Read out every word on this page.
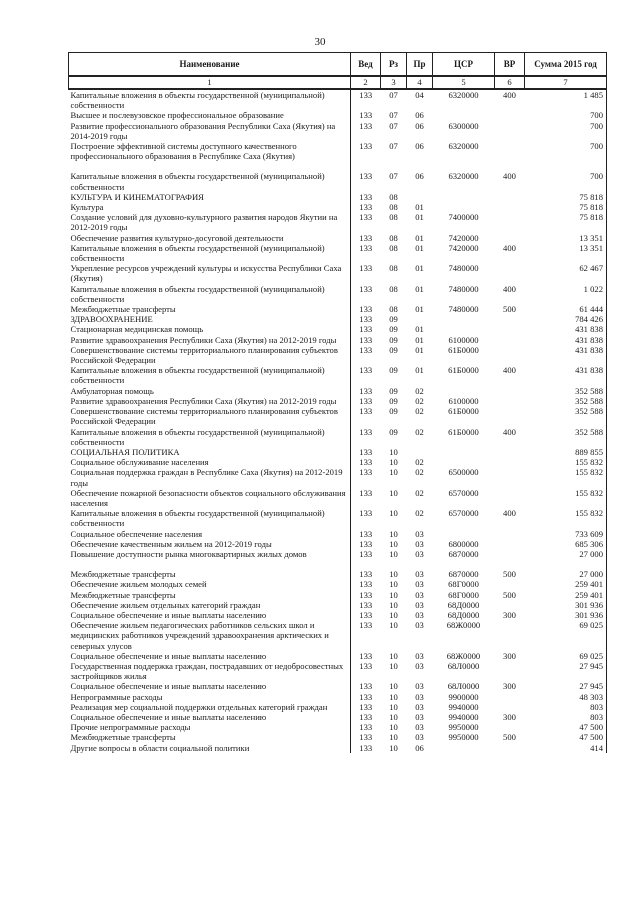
30
Наименование	Вед	Рз	Пр	ЦСР	ВР	Сумма 2015 год
1	2	3	4	5	6	7
Капитальные вложения в объекты государственной (муниципальной) собственности	133	07	04	6320000	400	1 485
Высшее и послевузовское профессиональное образование	133	07	06			700
Развитие профессионального образования Республики Саха (Якутия) на 2014-2019 годы	133	07	06	6300000		700
Построение эффективной системы доступного качественного профессионального образования в Республике Саха (Якутия)	133	07	06	6320000		700

Капитальные вложения в объекты государственной (муниципальной) собственности	133	07	06	6320000	400	700
КУЛЬТУРА И КИНЕМАТОГРАФИЯ	133	08				75 818
Культура	133	08	01			75 818
Создание условий для духовно-культурного развития народов Якутии на 2012-2019 годы	133	08	01	7400000		75 818
Обеспечение развития культурно-досуговой деятельности	133	08	01	7420000		13 351
Капитальные вложения в объекты государственной (муниципальной) собственности	133	08	01	7420000	400	13 351
Укрепление ресурсов учреждений культуры и искусства Республики Саха (Якутия)	133	08	01	7480000		62 467
Капитальные вложения в объекты государственной (муниципальной) собственности	133	08	01	7480000	400	1 022
Межбюджетные трансферты	133	08	01	7480000	500	61 444
ЗДРАВООХРАНЕНИЕ	133	09				784 426
Стационарная медицинская помощь	133	09	01			431 838
Развитие здравоохранения Республики Саха (Якутия) на 2012-2019 годы	133	09	01	6100000		431 838
Совершенствование системы территориального планирования субъектов Российской Федерации	133	09	01	61Б0000		431 838
Капитальные вложения в объекты государственной (муниципальной) собственности	133	09	01	61Б0000	400	431 838
Амбулаторная помощь	133	09	02			352 588
Развитие здравоохранения Республики Саха (Якутия) на 2012-2019 годы	133	09	02	6100000		352 588
Совершенствование системы территориального планирования субъектов Российской Федерации	133	09	02	61Б0000		352 588
Капитальные вложения в объекты государственной (муниципальной) собственности	133	09	02	61Б0000	400	352 588
СОЦИАЛЬНАЯ ПОЛИТИКА	133	10				889 855
Социальное обслуживание населения	133	10	02			155 832
Социальная поддержка граждан в Республике Саха (Якутия) на 2012-2019 годы	133	10	02	6500000		155 832
Обеспечение пожарной безопасности объектов социального обслуживания населения	133	10	02	6570000		155 832
Капитальные вложения в объекты государственной (муниципальной) собственности	133	10	02	6570000	400	155 832
Социальное обеспечение населения	133	10	03			733 609
Обеспечение качественным жильем на 2012-2019 годы	133	10	03	6800000		685 306
Повышение доступности рынка многоквартирных жилых домов	133	10	03	6870000		27 000

Межбюджетные трансферты	133	10	03	6870000	500	27 000
Обеспечение жильем молодых семей	133	10	03	68Г0000		259 401
Межбюджетные трансферты	133	10	03	68Г0000	500	259 401
Обеспечение жильем отдельных категорий граждан	133	10	03	68Д0000		301 936
Социальное обеспечение и иные выплаты населению	133	10	03	68Д0000	300	301 936
Обеспечение жильем педагогических работников сельских школ и медицинских работников учреждений здравоохранения арктических и северных улусов	133	10	03	68Ж0000		69 025
Социальное обеспечение и иные выплаты населению	133	10	03	68Ж0000	300	69 025
Государственная поддержка граждан, пострадавших от недобросовестных застройщиков жилья	133	10	03	68Л0000		27 945
Социальное обеспечение и иные выплаты населению	133	10	03	68Л0000	300	27 945
Непрограммные расходы	133	10	03	9900000		48 303
Реализация мер социальной поддержки отдельных категорий граждан	133	10	03	9940000		803
Социальное обеспечение и иные выплаты населению	133	10	03	9940000	300	803
Прочие непрограммные расходы	133	10	03	9950000		47 500
Межбюджетные трансферты	133	10	03	9950000	500	47 500
Другие вопросы в области социальной политики	133	10	06			414
